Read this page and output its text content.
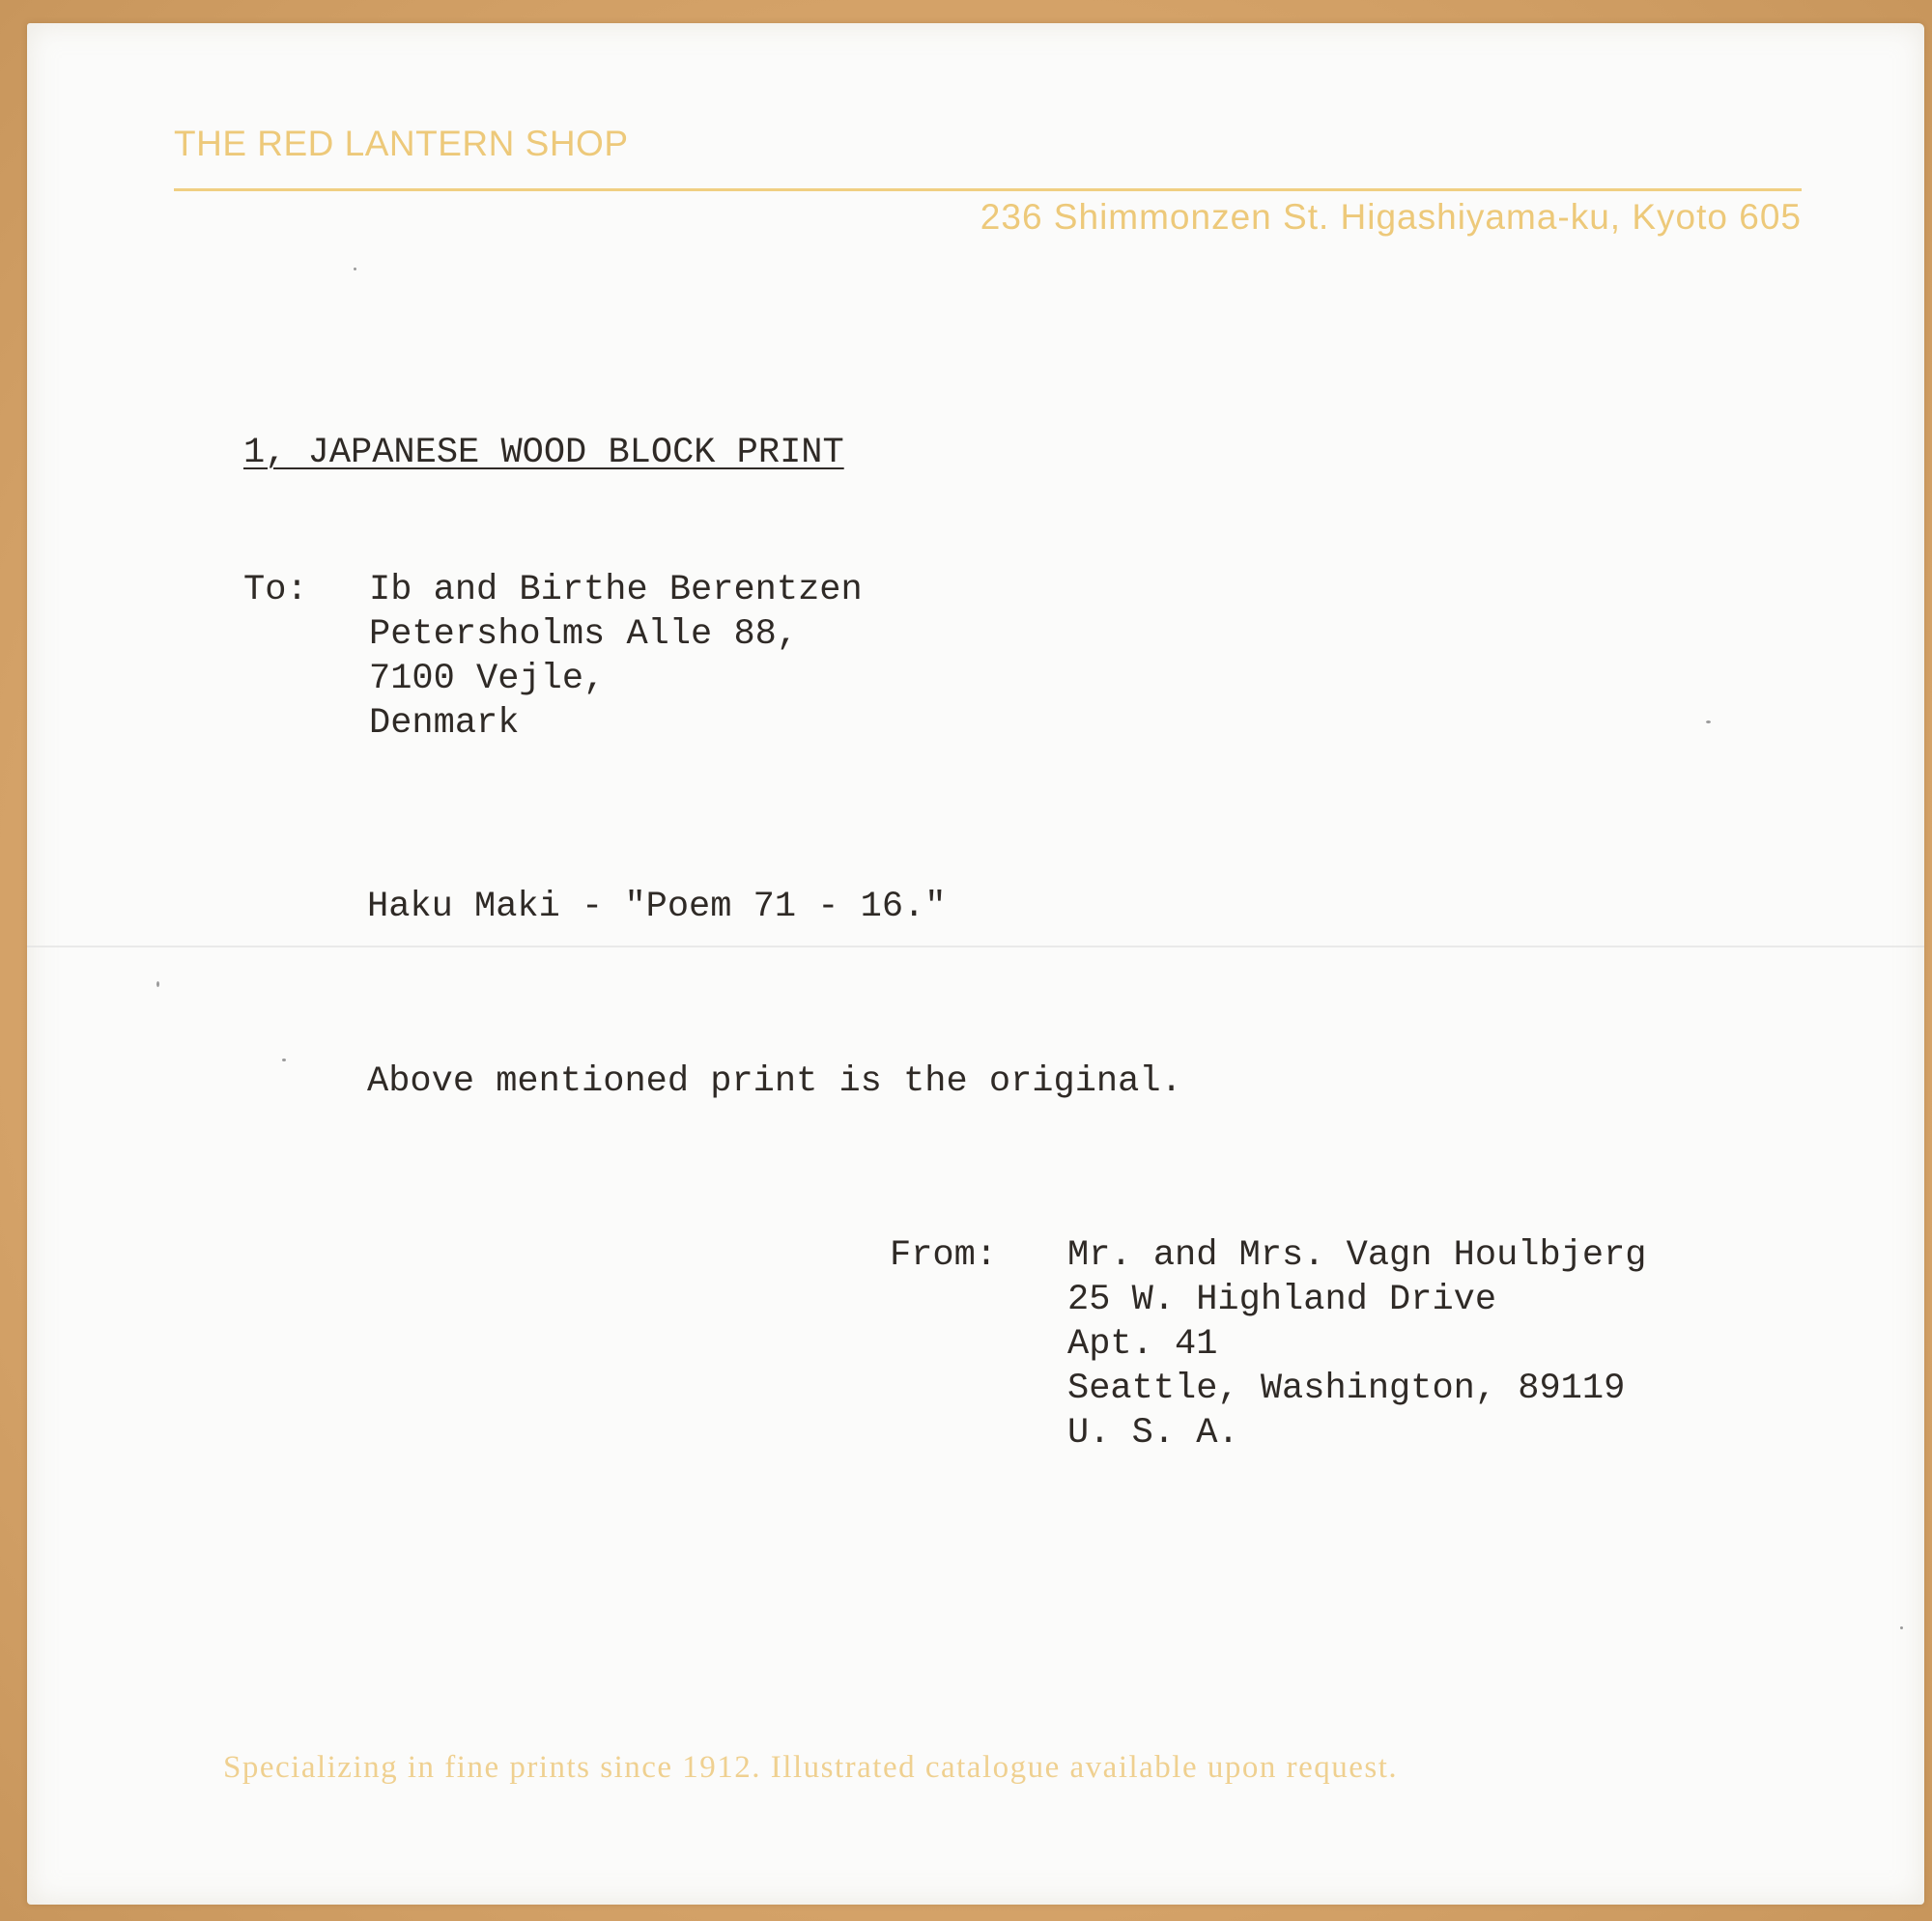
THE RED LANTERN SHOP
236 Shimmonzen St. Higashiyama-ku, Kyoto 605
1, JAPANESE WOOD BLOCK PRINT
To: Ib and Birthe Berentzen
Petersholms Alle 88,
7100 Vejle,
Denmark
Haku Maki - "Poem 71 - 16."
Above mentioned print is the original.
From: Mr. and Mrs. Vagn Houlbjerg
25 W. Highland Drive
Apt. 41
Seattle, Washington, 89119
U. S. A.
Specializing in fine prints since 1912. Illustrated catalogue available upon request.
